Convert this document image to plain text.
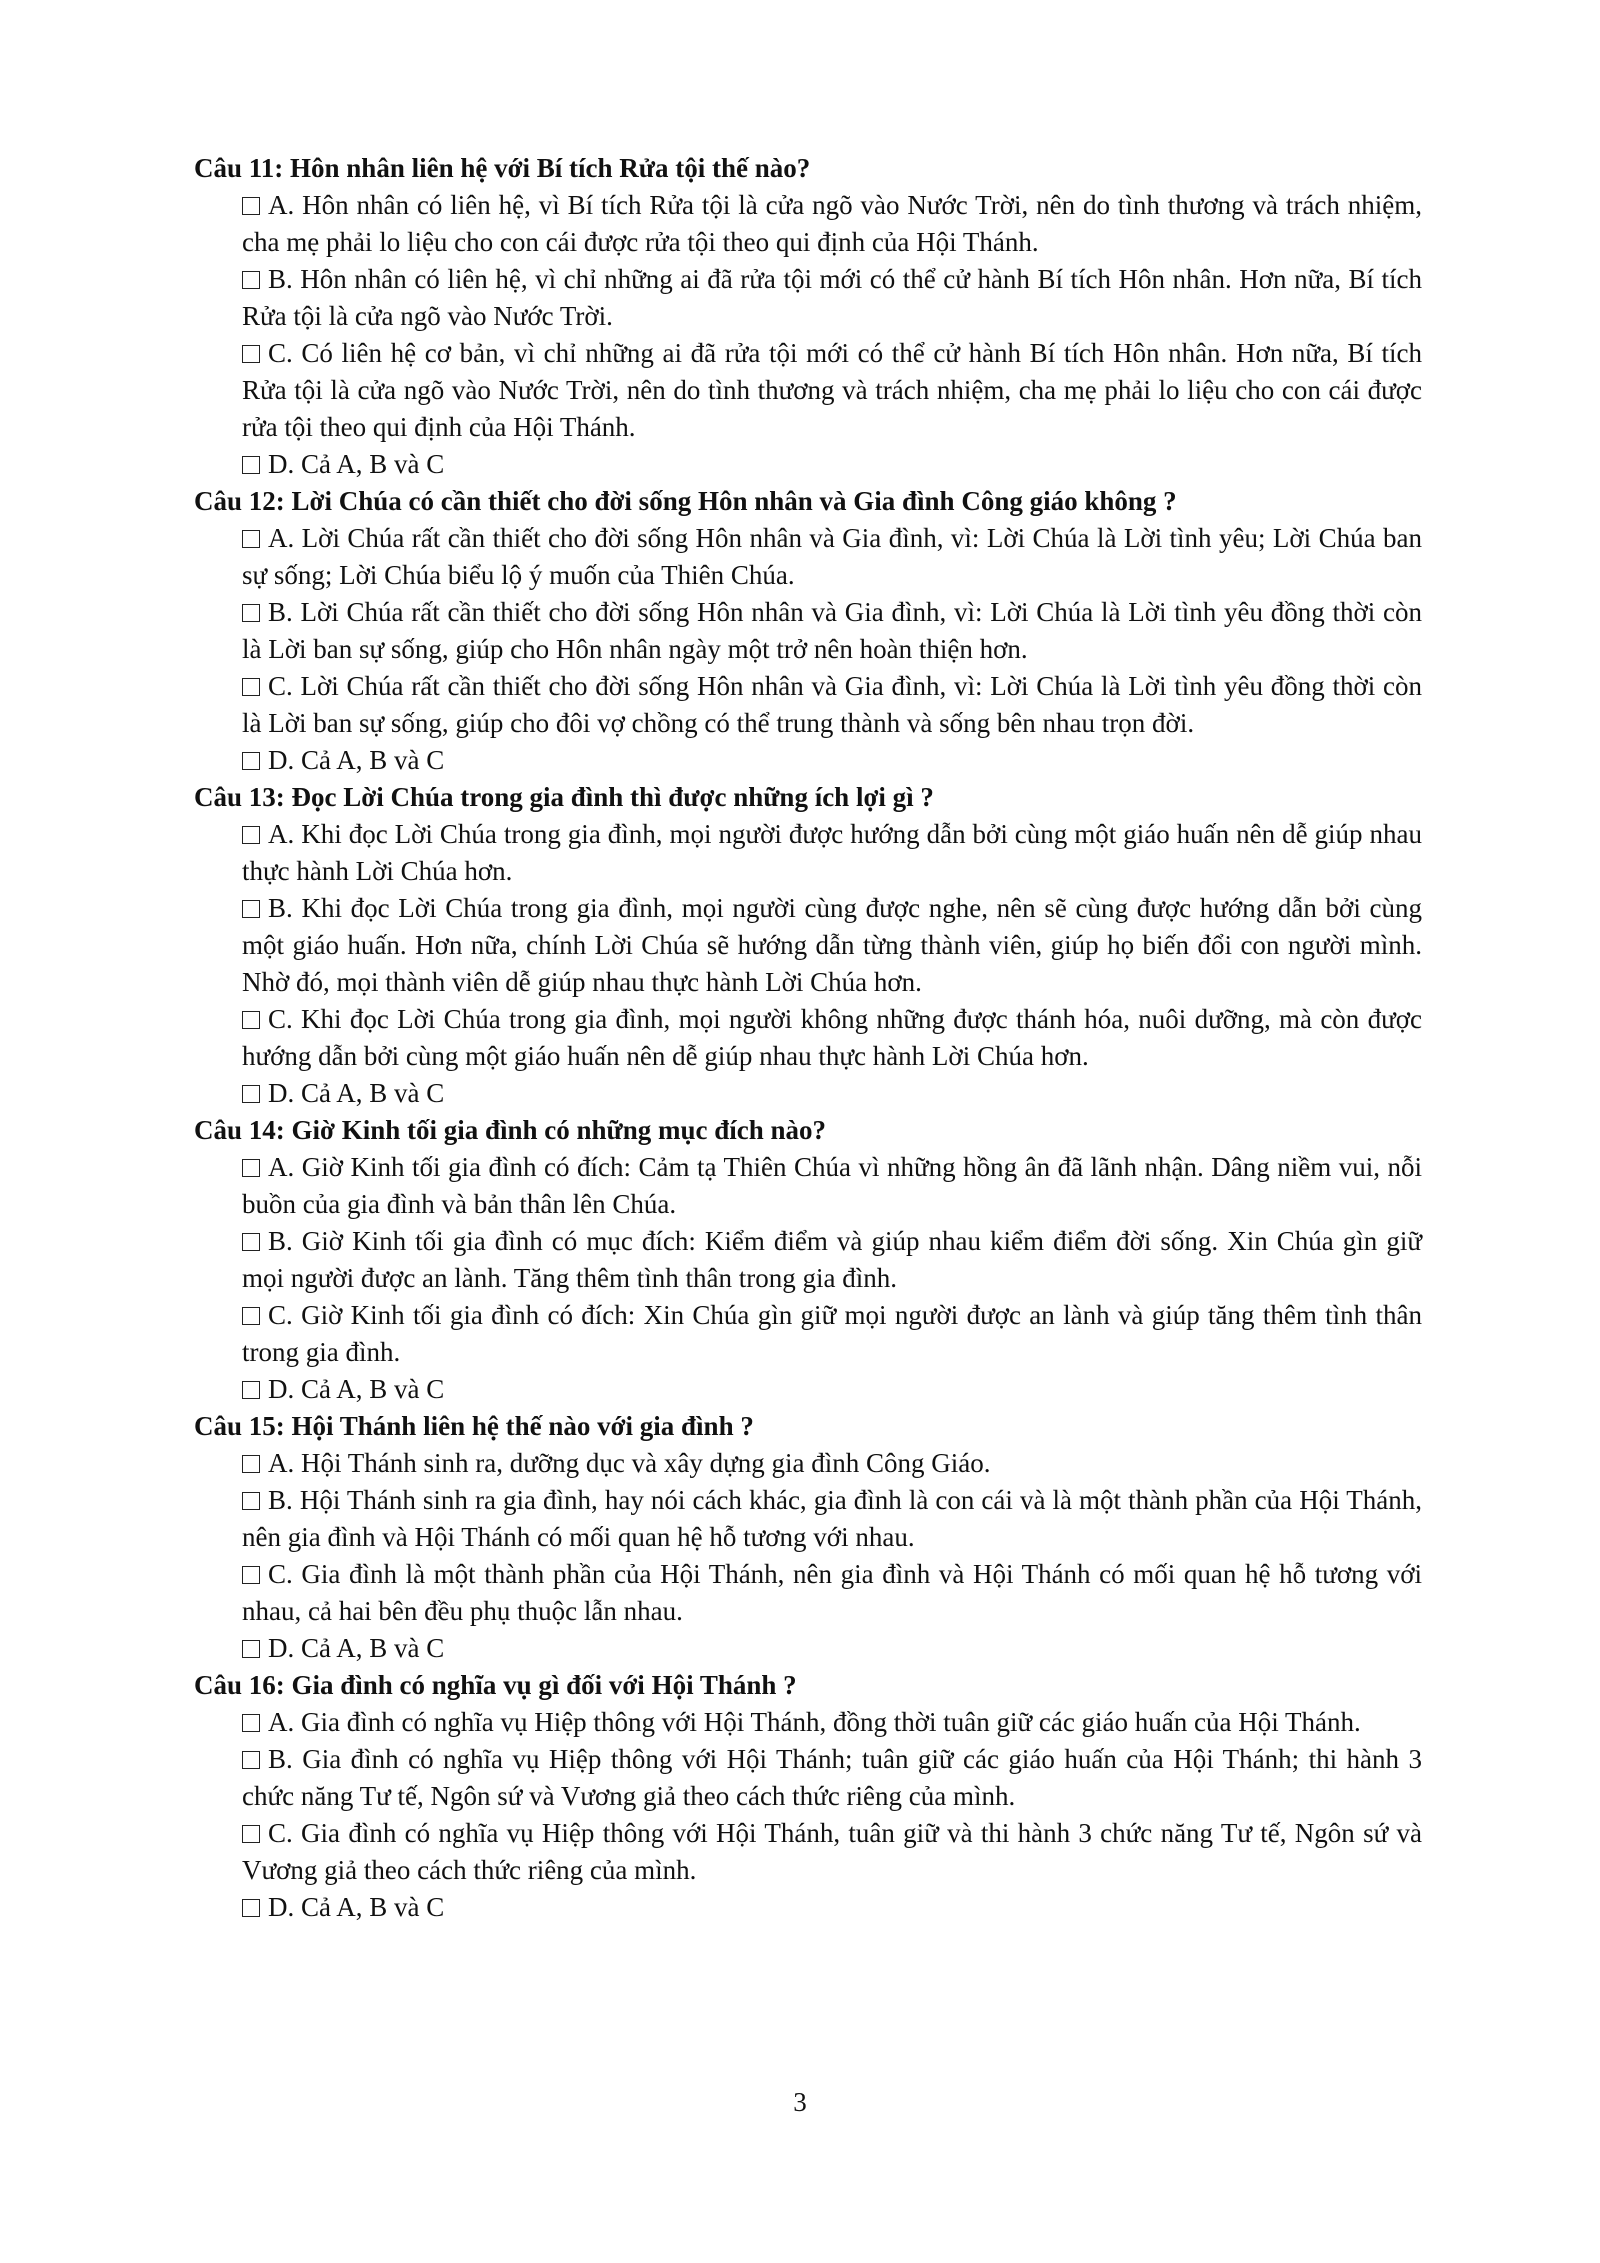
Câu 11: Hôn nhân liên hệ với Bí tích Rửa tội thế nào?

A. Hôn nhân có liên hệ, vì Bí tích Rửa tội là cửa ngõ vào Nước Trời, nên do tình thương và trách nhiệm, cha mẹ phải lo liệu cho con cái được rửa tội theo qui định của Hội Thánh.

B. Hôn nhân có liên hệ, vì chỉ những ai đã rửa tội mới có thể cử hành Bí tích Hôn nhân. Hơn nữa, Bí tích Rửa tội là cửa ngõ vào Nước Trời.

C. Có liên hệ cơ bản, vì chỉ những ai đã rửa tội mới có thể cử hành Bí tích Hôn nhân. Hơn nữa, Bí tích Rửa tội là cửa ngõ vào Nước Trời, nên do tình thương và trách nhiệm, cha mẹ phải lo liệu cho con cái được rửa tội theo qui định của Hội Thánh.

D. Cả A, B và C

Câu 12: Lời Chúa có cần thiết cho đời sống Hôn nhân và Gia đình Công giáo không ?

A. Lời Chúa rất cần thiết cho đời sống Hôn nhân và Gia đình, vì: Lời Chúa là Lời tình yêu; Lời Chúa ban sự sống; Lời Chúa biểu lộ ý muốn của Thiên Chúa.

B. Lời Chúa rất cần thiết cho đời sống Hôn nhân và Gia đình, vì: Lời Chúa là Lời tình yêu đồng thời còn là Lời ban sự sống, giúp cho Hôn nhân ngày một trở nên hoàn thiện hơn.

C. Lời Chúa rất cần thiết cho đời sống Hôn nhân và Gia đình, vì: Lời Chúa là Lời tình yêu đồng thời còn là Lời ban sự sống, giúp cho đôi vợ chồng có thể trung thành và sống bên nhau trọn đời.

D. Cả A, B và C

Câu 13: Đọc Lời Chúa trong gia đình thì được những ích lợi gì ?

A. Khi đọc Lời Chúa trong gia đình, mọi người được hướng dẫn bởi cùng một giáo huấn nên dễ giúp nhau thực hành Lời Chúa hơn.

B. Khi đọc Lời Chúa trong gia đình, mọi người cùng được nghe, nên sẽ cùng được hướng dẫn bởi cùng một giáo huấn. Hơn nữa, chính Lời Chúa sẽ hướng dẫn từng thành viên, giúp họ biến đổi con người mình. Nhờ đó, mọi thành viên dễ giúp nhau thực hành Lời Chúa hơn.

C. Khi đọc Lời Chúa trong gia đình, mọi người không những được thánh hóa, nuôi dưỡng, mà còn được hướng dẫn bởi cùng một giáo huấn nên dễ giúp nhau thực hành Lời Chúa hơn.

D. Cả A, B và C

Câu 14: Giờ Kinh tối gia đình có những mục đích nào?

A. Giờ Kinh tối gia đình có đích: Cảm tạ Thiên Chúa vì những hồng ân đã lãnh nhận. Dâng niềm vui, nỗi buồn của gia đình và bản thân lên Chúa.

B. Giờ Kinh tối gia đình có mục đích: Kiểm điểm và giúp nhau kiểm điểm đời sống. Xin Chúa gìn giữ mọi người được an lành. Tăng thêm tình thân trong gia đình.

C. Giờ Kinh tối gia đình có đích: Xin Chúa gìn giữ mọi người được an lành và giúp tăng thêm tình thân trong gia đình.

D. Cả A, B và C

Câu 15: Hội Thánh liên hệ thế nào với gia đình ?

A. Hội Thánh sinh ra, dưỡng dục và xây dựng gia đình Công Giáo.

B. Hội Thánh sinh ra gia đình, hay nói cách khác, gia đình là con cái và là một thành phần của Hội Thánh, nên gia đình và Hội Thánh có mối quan hệ hỗ tương với nhau.

C. Gia đình là một thành phần của Hội Thánh, nên gia đình và Hội Thánh có mối quan hệ hỗ tương với nhau, cả hai bên đều phụ thuộc lẫn nhau.

D. Cả A, B và C

Câu 16: Gia đình có nghĩa vụ gì đối với Hội Thánh ?

A. Gia đình có nghĩa vụ Hiệp thông với Hội Thánh, đồng thời tuân giữ các giáo huấn của Hội Thánh.

B. Gia đình có nghĩa vụ Hiệp thông với Hội Thánh; tuân giữ các giáo huấn của Hội Thánh; thi hành 3 chức năng Tư tế, Ngôn sứ và Vương giả theo cách thức riêng của mình.

C. Gia đình có nghĩa vụ Hiệp thông với Hội Thánh, tuân giữ và thi hành 3 chức năng Tư tế, Ngôn sứ và Vương giả theo cách thức riêng của mình.

D. Cả A, B và C

3
